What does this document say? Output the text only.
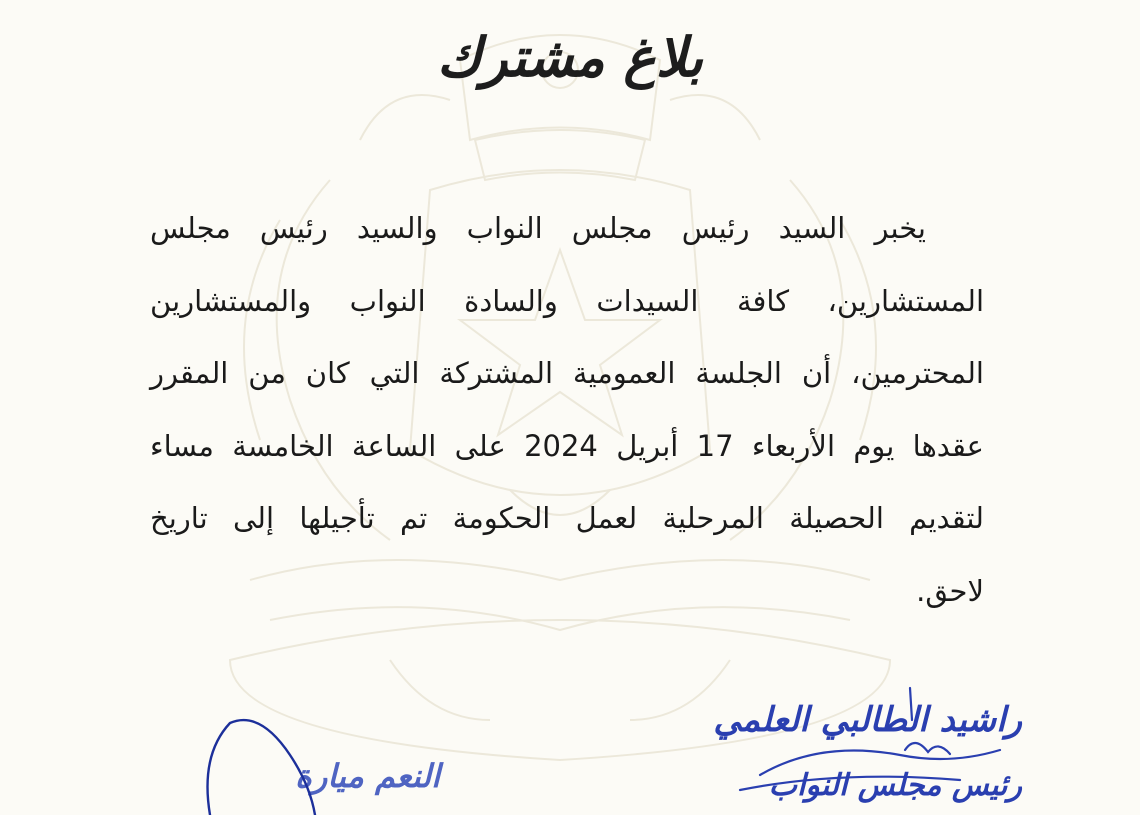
بلاغ مشترك
يخبر السيد رئيس مجلس النواب والسيد رئيس مجلس
المستشارين، كافة السيدات والسادة النواب والمستشارين
المحترمين، أن الجلسة العمومية المشتركة التي كان من المقرر
عقدها يوم الأربعاء 17 أبريل 2024 على الساعة الخامسة مساء
لتقديم الحصيلة المرحلية لعمل الحكومة تم تأجيلها إلى تاريخ
لاحق.
راشيد الطالبي العلمي
رئيس مجلس النواب
النعم ميارة
